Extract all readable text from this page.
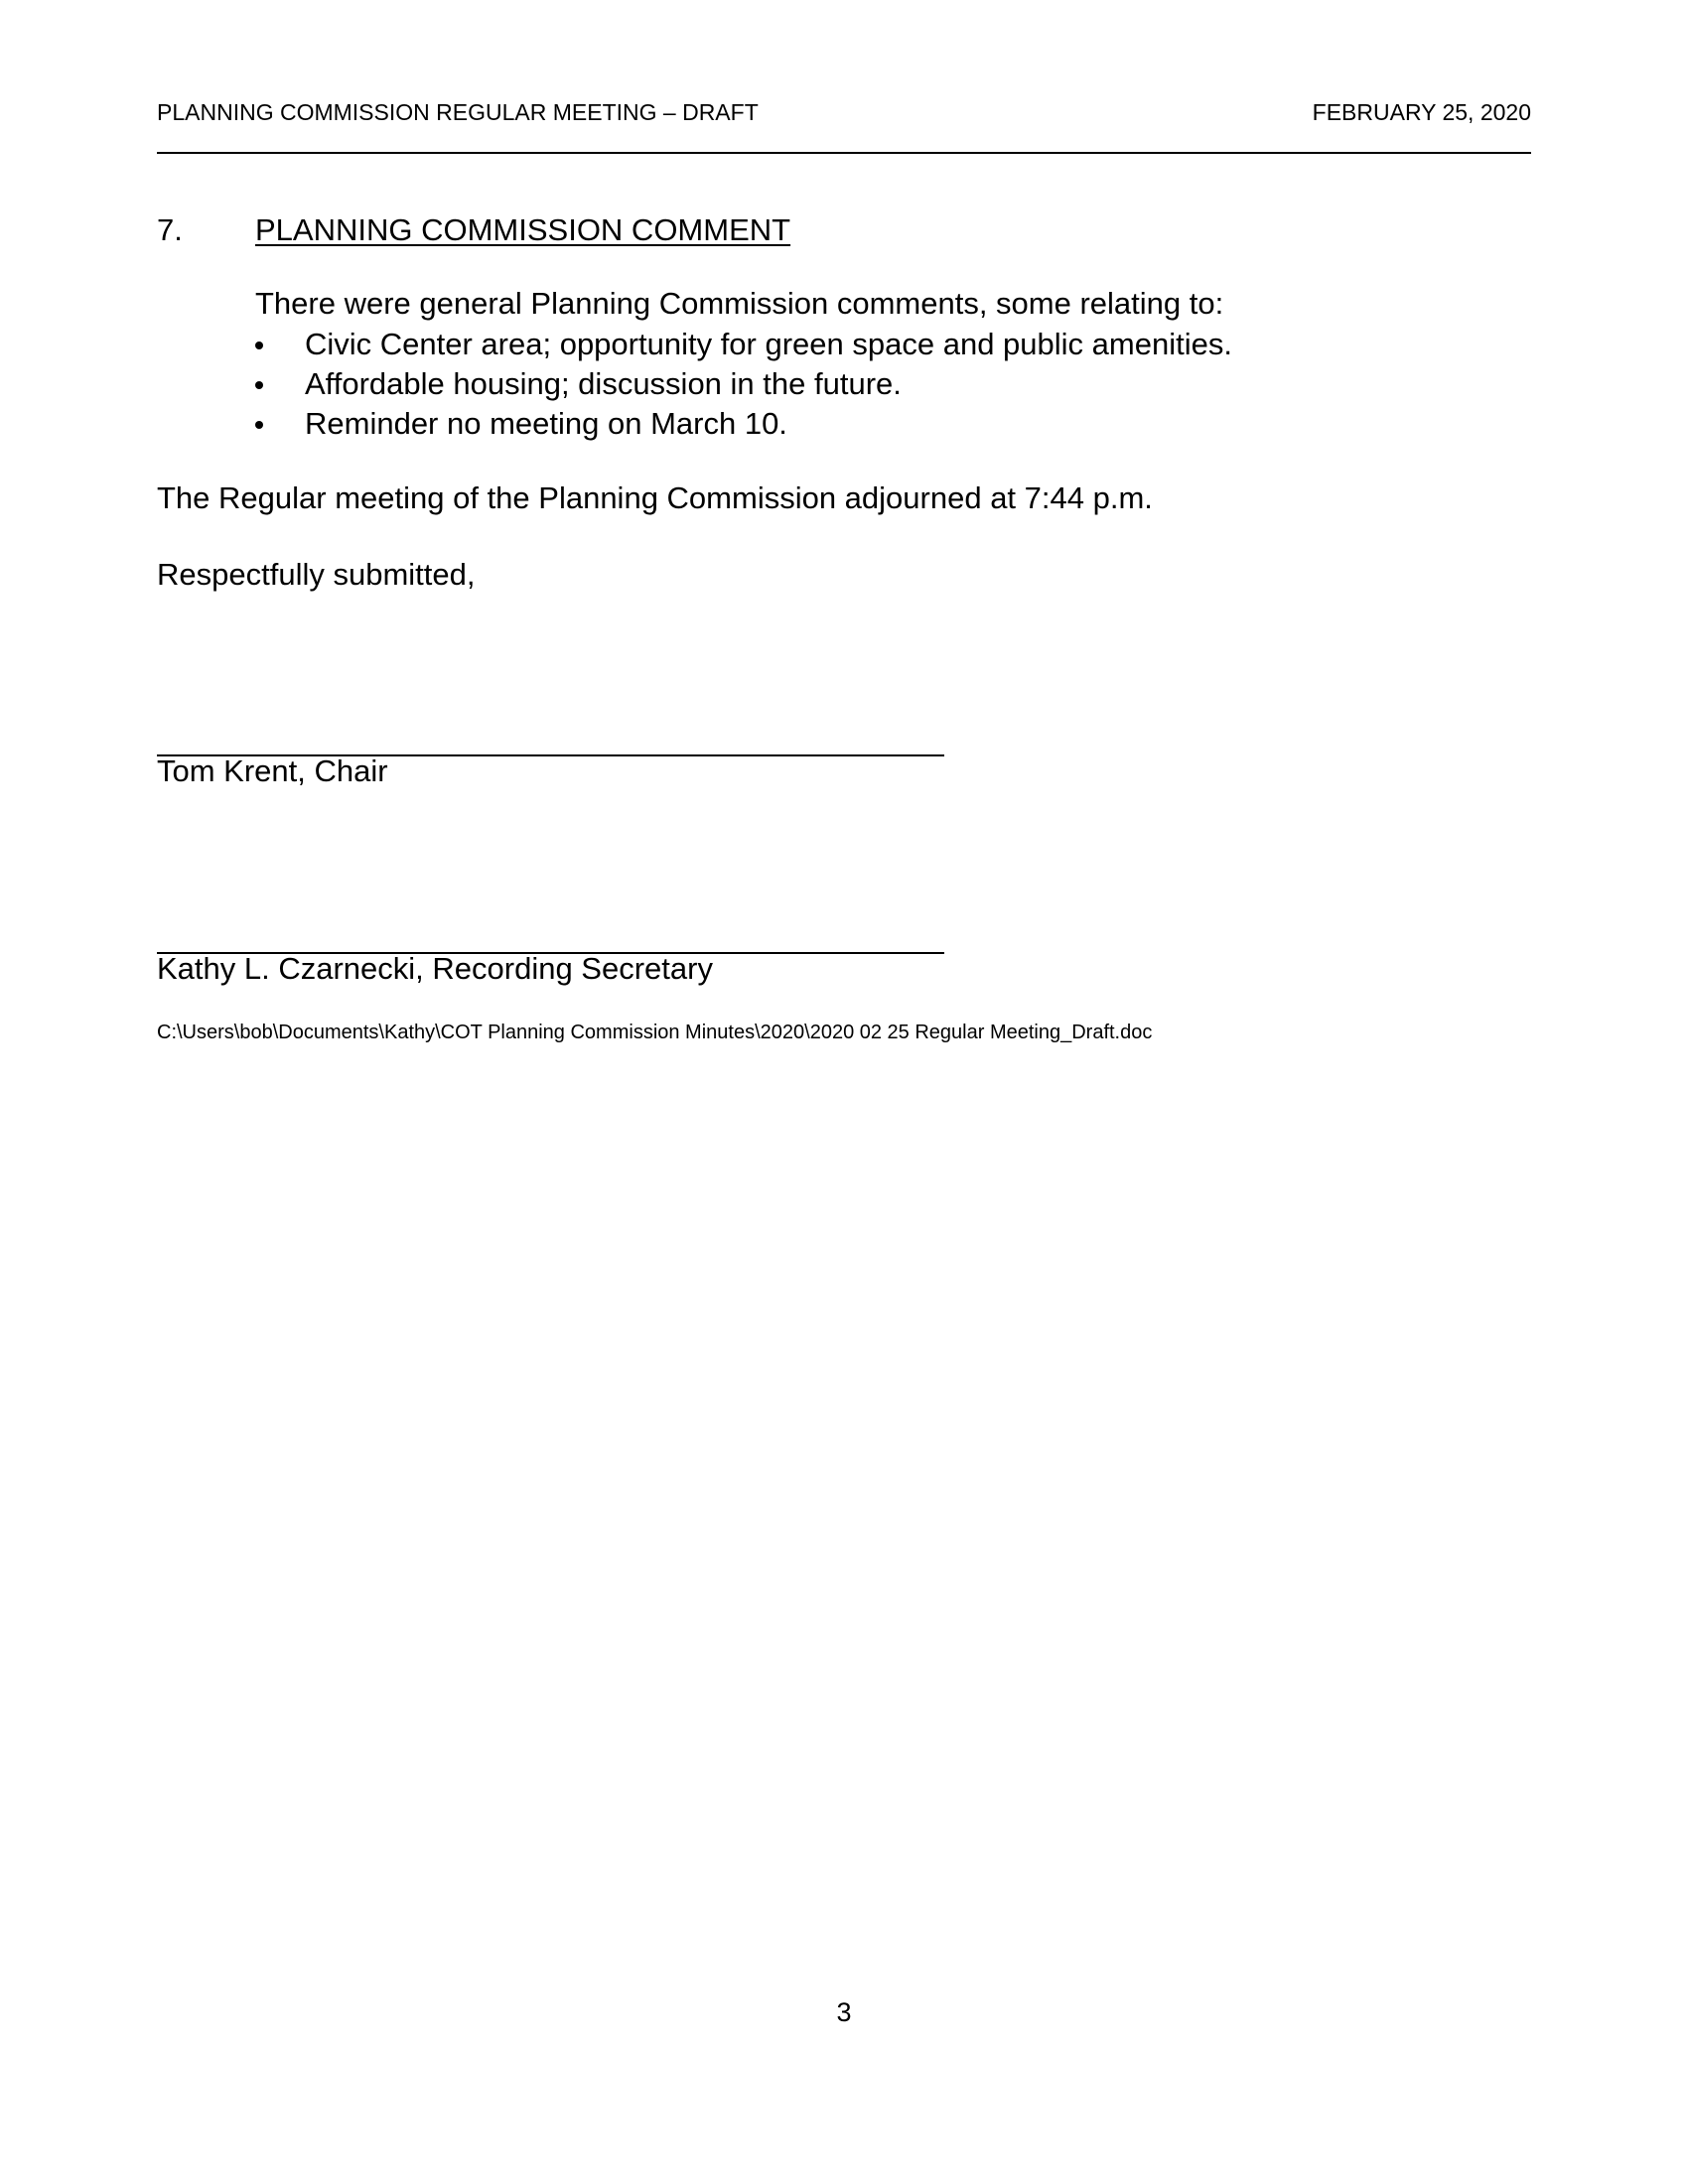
PLANNING COMMISSION REGULAR MEETING – DRAFT	FEBRUARY 25, 2020
7. PLANNING COMMISSION COMMENT
There were general Planning Commission comments, some relating to:
Civic Center area; opportunity for green space and public amenities.
Affordable housing; discussion in the future.
Reminder no meeting on March 10.
The Regular meeting of the Planning Commission adjourned at 7:44 p.m.
Respectfully submitted,
Tom Krent, Chair
Kathy L. Czarnecki, Recording Secretary
C:\Users\bob\Documents\Kathy\COT Planning Commission Minutes\2020\2020 02 25 Regular Meeting_Draft.doc
3
